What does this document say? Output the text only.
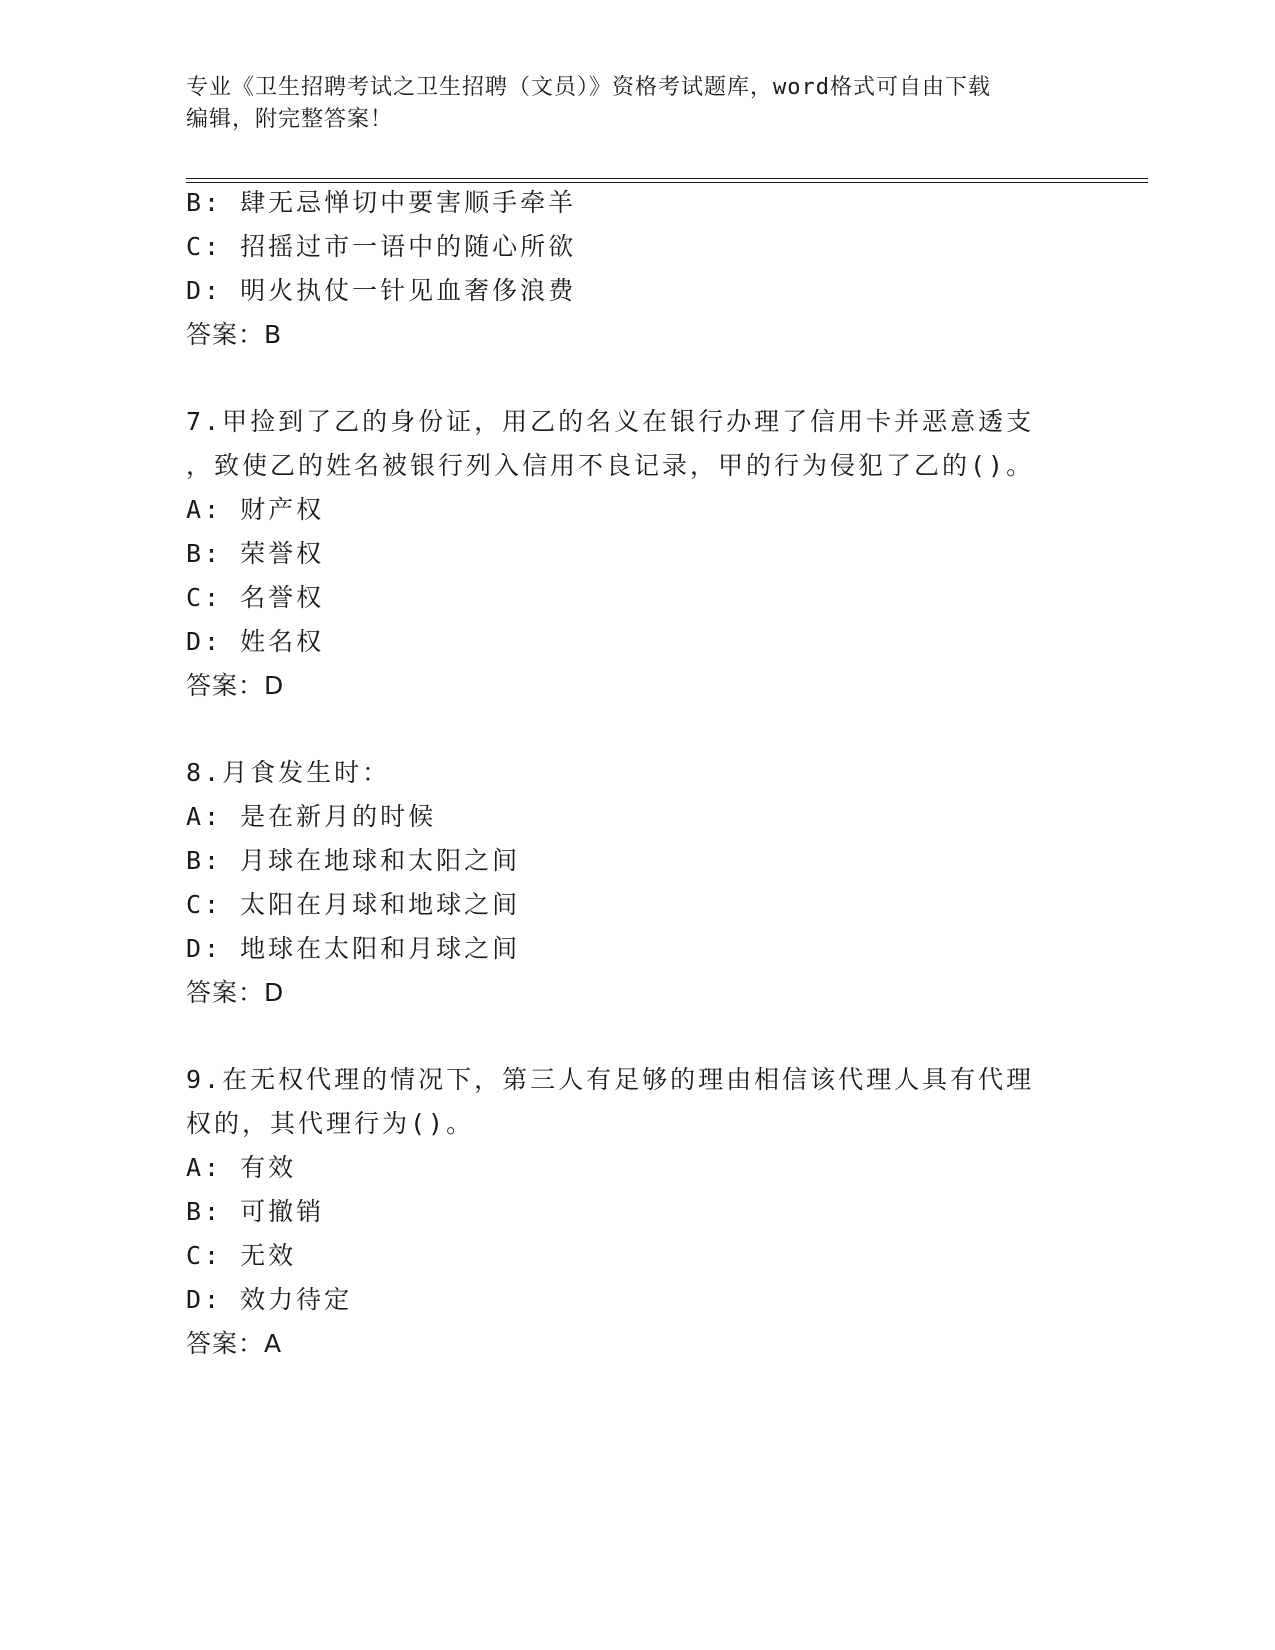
专业《卫生招聘考试之卫生招聘（文员）》资格考试题库，word格式可自由下载
编辑，附完整答案！
B: 肆无忌惮切中要害顺手牵羊
C: 招摇过市一语中的随心所欲
D: 明火执仗一针见血奢侈浪费
答案：B
7.甲捡到了乙的身份证，用乙的名义在银行办理了信用卡并恶意透支
，致使乙的姓名被银行列入信用不良记录，甲的行为侵犯了乙的()。
A: 财产权
B: 荣誉权
C: 名誉权
D: 姓名权
答案：D
8.月食发生时：
A: 是在新月的时候
B: 月球在地球和太阳之间
C: 太阳在月球和地球之间
D: 地球在太阳和月球之间
答案：D
9.在无权代理的情况下，第三人有足够的理由相信该代理人具有代理
权的，其代理行为()。
A: 有效
B: 可撤销
C: 无效
D: 效力待定
答案：A
